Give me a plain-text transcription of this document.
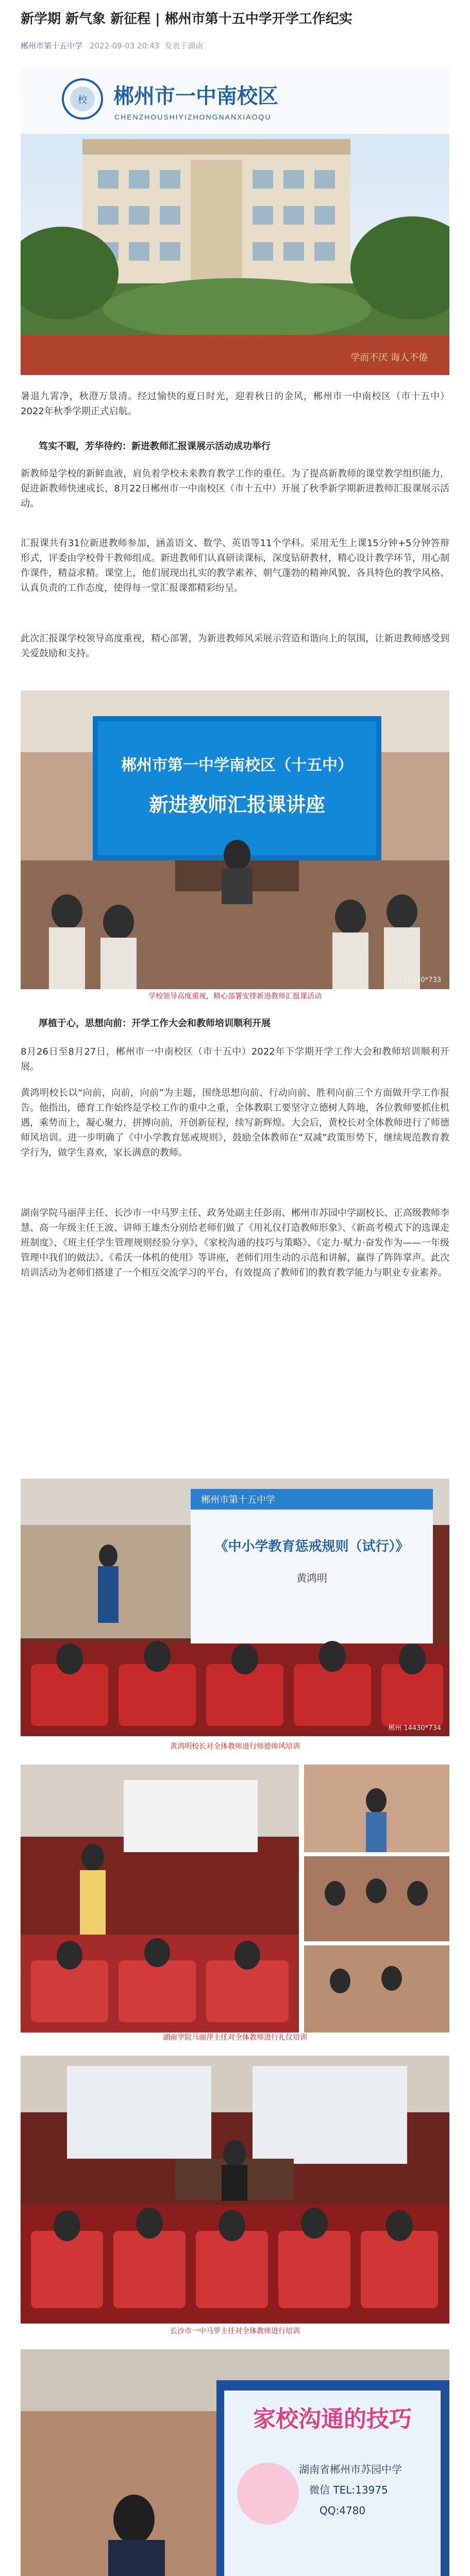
新学期 新气象 新征程 | 郴州市第十五中学开学工作纪实
郴州市第十五中学 2022-09-03 20:43 发表于湖南
校 郴州市一中南校区
CHENZHOUSHIYIZHONGNANXIAOQU
学而不厌 诲人不倦

暑退九霄净，秋澄万景清。经过愉快的夏日时光，迎着秋日的金风，郴州市一中南校区（市十五中）2022年秋季学期正式启航。

笃实不暇，芳华待约：新进教师汇报课展示活动成功举行

新教师是学校的新鲜血液，肩负着学校未来教育教学工作的重任。为了提高新教师的课堂教学组织能力，促进新教师快速成长，8月22日郴州市一中南校区（市十五中）开展了秋季新学期新进教师汇报课展示活动。

汇报课共有31位新进教师参加，涵盖语文、数学、英语等11个学科。采用无生上课15分钟+5分钟答辩形式，评委由学校骨干教师组成。新进教师们认真研读课标，深度钻研教材，精心设计教学环节，用心制作课件，精益求精。课堂上，他们展现出扎实的教学素养、朝气蓬勃的精神风貌、各具特色的教学风格、认真负责的工作态度，使得每一堂汇报课都精彩纷呈。

此次汇报课学校领导高度重视，精心部署，为新进教师风采展示营造和谐向上的氛围，让新进教师感受到关爱鼓励和支持。

郴州市第一中学南校区（十五中）
新进教师汇报课讲座
郴州 15430*733
学校领导高度重视，精心部署安排新进教师汇报课活动

厚植于心，思想向前：开学工作大会和教师培训顺利开展

8月26日至8月27日，郴州市一中南校区（市十五中）2022年下学期开学工作大会和教师培训顺利开展。

黄鸿明校长以“向前，向前，向前”为主题，围绕思想向前、行动向前、胜利向前三个方面做开学工作报告。他指出，德育工作始终是学校工作的重中之重，全体教职工要坚守立德树人阵地，各位教师要抓住机遇，乘势而上，凝心聚力，拼搏向前，开创新征程，续写新辉煌。大会后，黄校长对全体教师进行了师德师风培训。进一步明确了《中小学教育惩戒规则》，鼓励全体教师在“双减”政策形势下，继续规范教育教学行为，做学生喜欢，家长满意的教师。

湖南学院马丽萍主任、长沙市一中马罗主任、政务处副主任彭雨、郴州市苏园中学副校长、正高级教师李慧、高一年级主任王波、讲师王雄杰分别给老师们做了《用礼仪打造教师形象》、《新高考模式下的选课走班制度》、《班主任学生管理规则经验分享》、《家校沟通的技巧与策略》、《定力·赋力·奋发作为——一年级管理中我们的做法》、《希沃一体机的使用》等讲座，老师们用生动的示范和讲解，赢得了阵阵掌声。此次培训活动为老师们搭建了一个相互交流学习的平台，有效提高了教师们的教育教学能力与职业专业素养。

郴州市第十五中学
《中小学教育惩戒规则（试行）》
黄鸿明
郴州 14430*734
黄鸿明校长对全体教师进行师德师风培训
湖南学院马丽萍主任对全体教师进行礼仪培训
长沙市一中马罗主任对全体教师进行培训
家校沟通的技巧
湖南省郴州市苏园中学
微信 TEL:13975
QQ:4780
